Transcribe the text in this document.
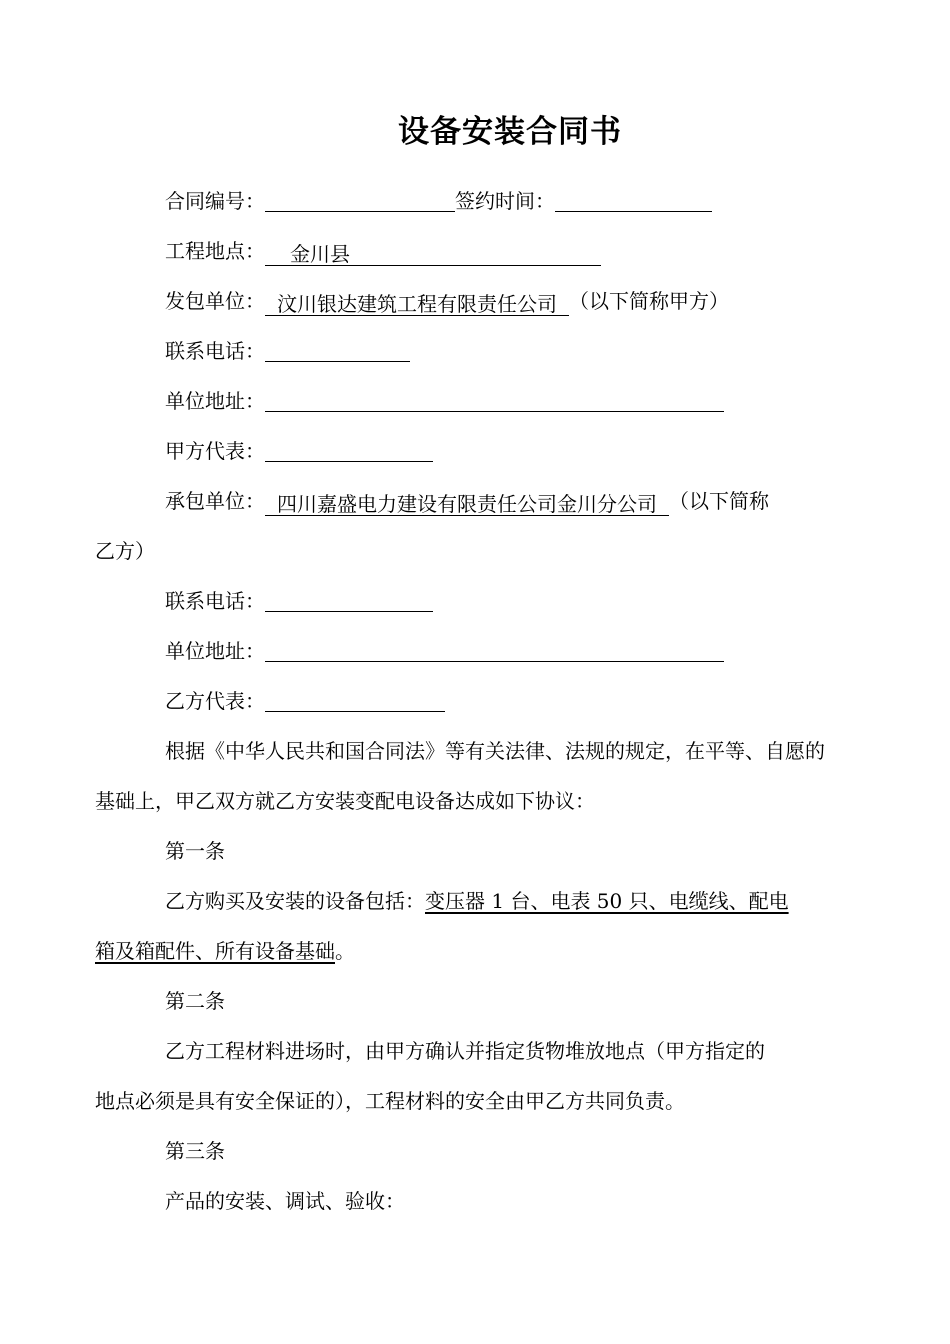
设备安装合同书
合同编号：	签约时间：
工程地点： 金川县
发包单位： 汶川银达建筑工程有限责任公司 （以下简称甲方）
联系电话：
单位地址：
甲方代表：
承包单位： 四川嘉盛电力建设有限责任公司金川分公司 （以下简称
乙方）
联系电话：
单位地址：
乙方代表：
根据《中华人民共和国合同法》等有关法律、法规的规定，在平等、自愿的
基础上，甲乙双方就乙方安装变配电设备达成如下协议：
第一条
乙方购买及安装的设备包括：变压器 1 台、电表 50 只、电缆线、配电
箱及箱配件、所有设备基础。
第二条
乙方工程材料进场时，由甲方确认并指定货物堆放地点（甲方指定的
地点必须是具有安全保证的），工程材料的安全由甲乙方共同负责。
第三条
产品的安装、调试、验收：
